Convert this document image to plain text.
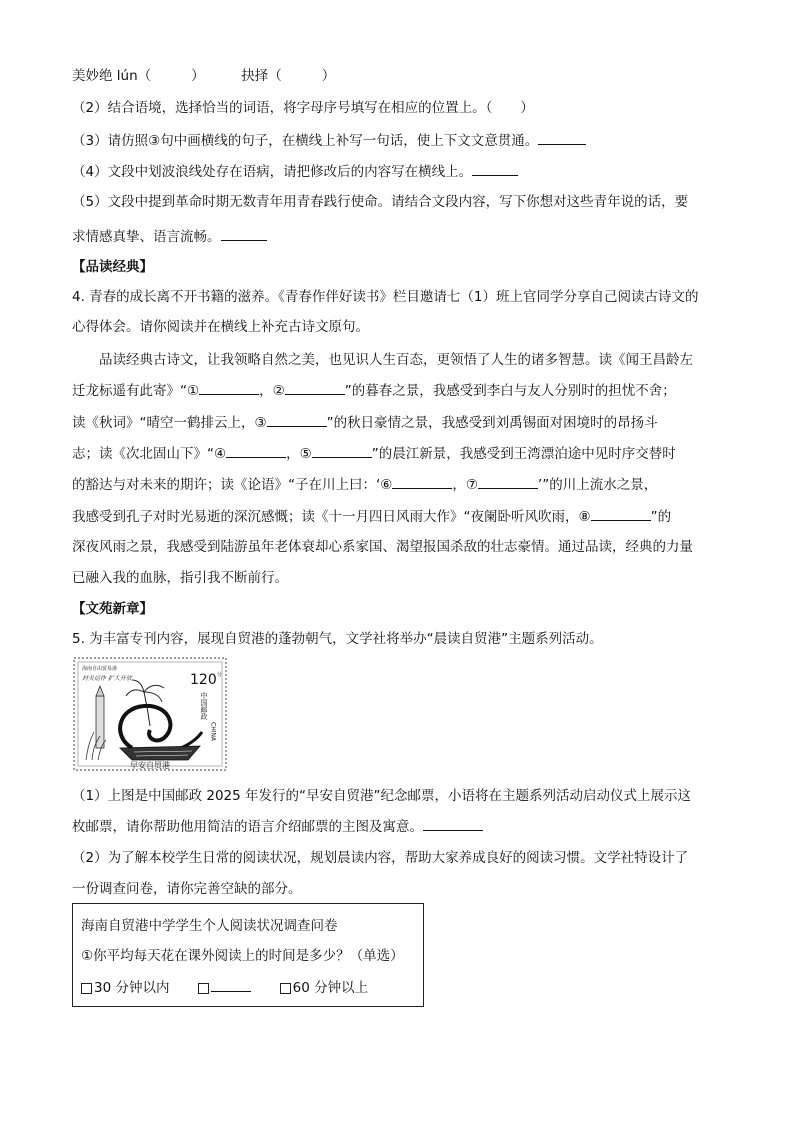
美妙绝 lún（	）	抉择（	）
（2）结合语境，选择恰当的词语，将字母序号填写在相应的位置上。（ ）
（3）请仿照③句中画横线的句子，在横线上补写一句话，使上下文文意贯通。
（4）文段中划波浪线处存在语病，请把修改后的内容写在横线上。
（5）文段中提到革命时期无数青年用青春践行使命。请结合文段内容，写下你想对这些青年说的话，要
求情感真挚、语言流畅。
【品读经典】
4. 青春的成长离不开书籍的滋养。《青春作伴好读书》栏目邀请七（1）班上官同学分享自己阅读古诗文的
心得体会。请你阅读并在横线上补充古诗文原句。
品读经典古诗文，让我领略自然之美，也见识人生百态，更领悟了人生的诸多智慧。读《闻王昌龄左
迁龙标遥有此寄》“①	，②	”的暮春之景，我感受到李白与友人分别时的担忧不舍；
读《秋词》“晴空一鹤排云上，③	”的秋日豪情之景，我感受到刘禹锡面对困境时的昂扬斗
志；读《次北固山下》“④	，⑤	”的晨江新景，我感受到王湾漂泊途中见时序交替时
的豁达与对未来的期许；读《论语》“子在川上曰：‘⑥	，⑦	’”的川上流水之景，
我感受到孔子对时光易逝的深沉感慨；读《十一月四日风雨大作》“夜阑卧听风吹雨，⑧	”的
深夜风雨之景，我感受到陆游虽年老体衰却心系家国、渴望报国杀敌的壮志豪情。通过品读，经典的力量
已融入我的血脉，指引我不断前行。
【文苑新章】
5. 为丰富专刊内容，展现自贸港的蓬勃朝气，文学社将举办“晨读自贸港”主题系列活动。
海南自由贸易港
封关运作 扩大开放	120 分
中国邮政
CHINA
早安自贸港
（1）上图是中国邮政 2025 年发行的“早安自贸港”纪念邮票，小语将在主题系列活动启动仪式上展示这
枚邮票，请你帮助他用简洁的语言介绍邮票的主图及寓意。
（2）为了解本校学生日常的阅读状况，规划晨读内容，帮助大家养成良好的阅读习惯。文学社特设计了
一份调查问卷，请你完善空缺的部分。
海南自贸港中学学生个人阅读状况调查问卷
①你平均每天花在课外阅读上的时间是多少？（单选）
30 分钟以内	60 分钟以上
